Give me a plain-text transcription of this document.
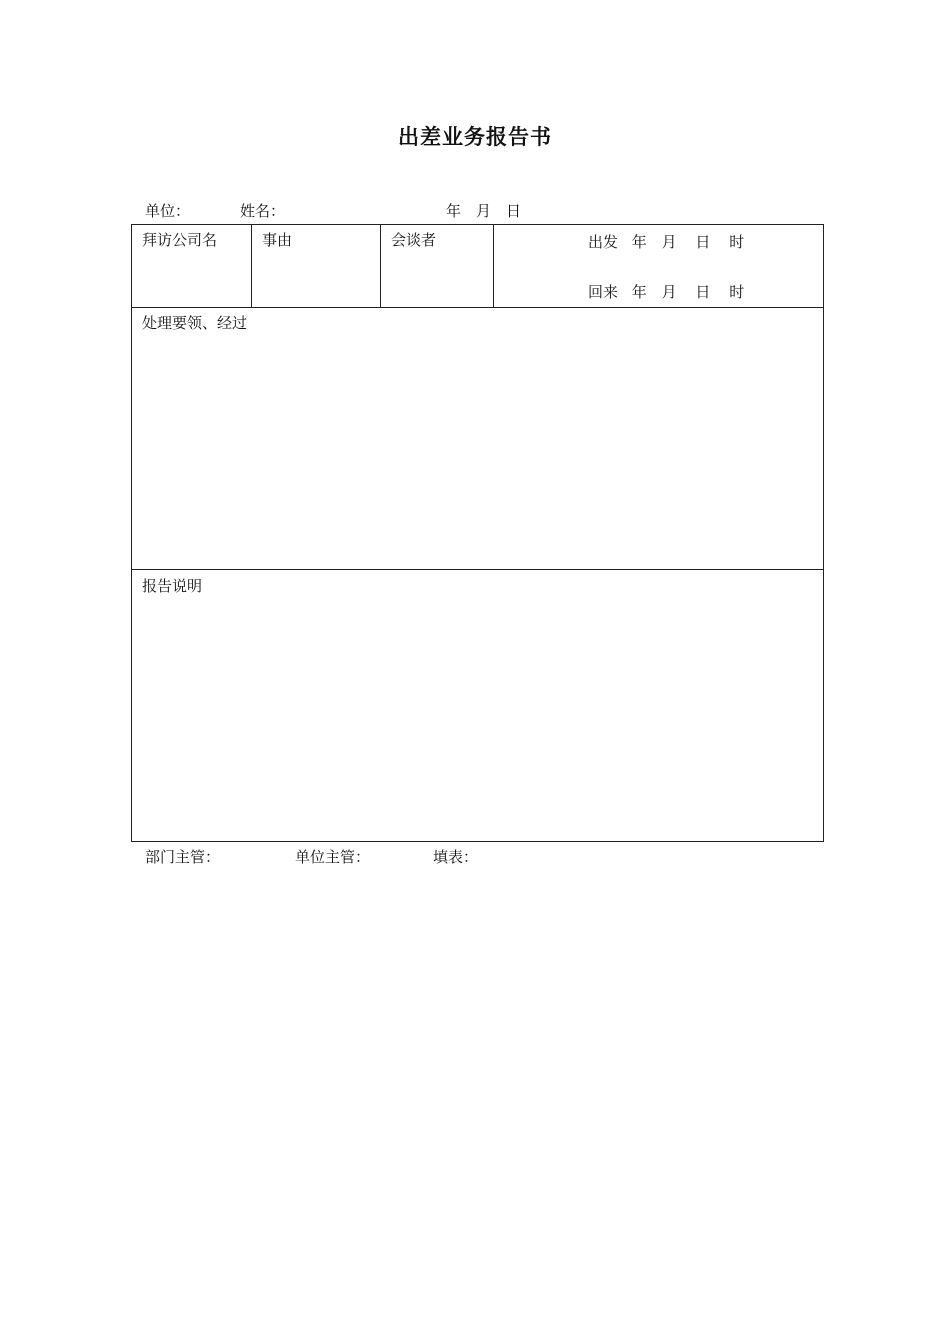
出差业务报告书
单位：	姓名：	年 月 日
拜访公司名	事由	会谈者	出发 年 月 日 时
回来 年 月 日 时
处理要领、经过
报告说明
部门主管：	单位主管：	填表：
